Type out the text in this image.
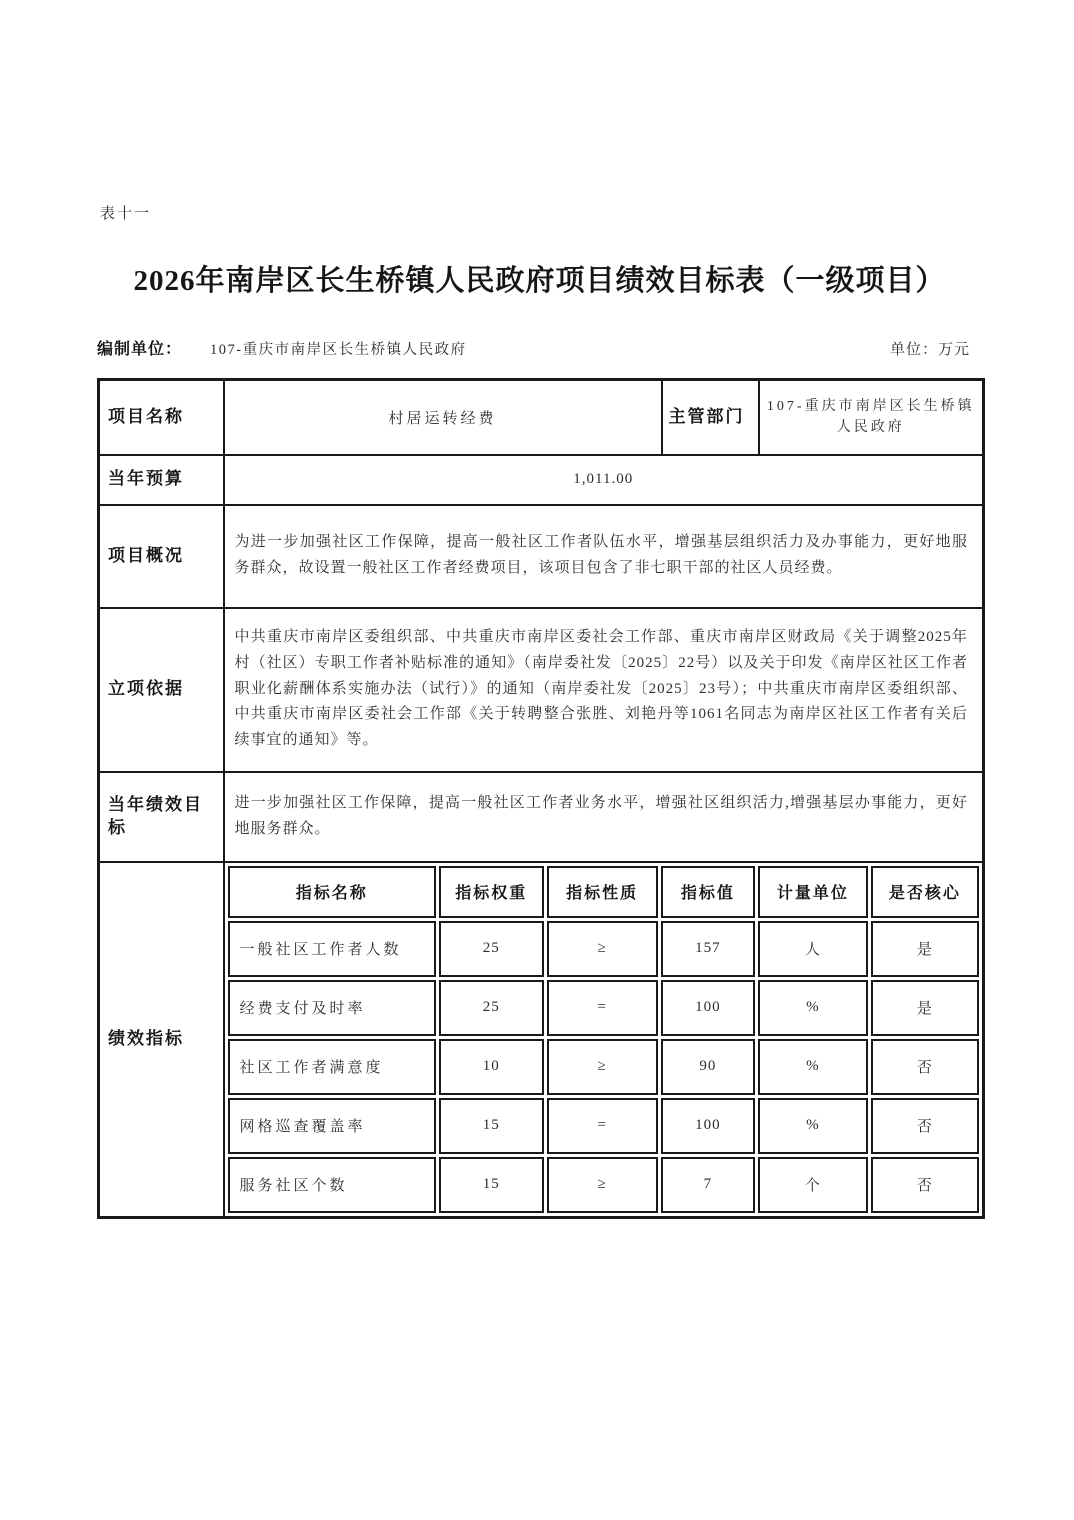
表十一
2026年南岸区长生桥镇人民政府项目绩效目标表（一级项目）
编制单位： 107-重庆市南岸区长生桥镇人民政府	单位：万元
项目名称	村居运转经费	主管部门	107-重庆市南岸区长生桥镇人民政府
当年预算	1,011.00
项目概况	为进一步加强社区工作保障，提高一般社区工作者队伍水平，增强基层组织活力及办事能力，更好地服务群众，故设置一般社区工作者经费项目，该项目包含了非七职干部的社区人员经费。
立项依据	中共重庆市南岸区委组织部、中共重庆市南岸区委社会工作部、重庆市南岸区财政局《关于调整2025年村（社区）专职工作者补贴标准的通知》（南岸委社发〔2025〕22号）以及关于印发《南岸区社区工作者职业化薪酬体系实施办法（试行）》的通知（南岸委社发〔2025〕23号）；中共重庆市南岸区委组织部、中共重庆市南岸区委社会工作部《关于转聘整合张胜、刘艳丹等1061名同志为南岸区社区工作者有关后续事宜的通知》等。
当年绩效目标	进一步加强社区工作保障，提高一般社区工作者业务水平，增强社区组织活力,增强基层办事能力，更好地服务群众。
绩效指标	
指标名称	指标权重	指标性质	指标值	计量单位	是否核心
一般社区工作者人数	25	≥	157	人	是
经费支付及时率	25	=	100	%	是
社区工作者满意度	10	≥	90	%	否
网格巡查覆盖率	15	=	100	%	否
服务社区个数	15	≥	7	个	否
